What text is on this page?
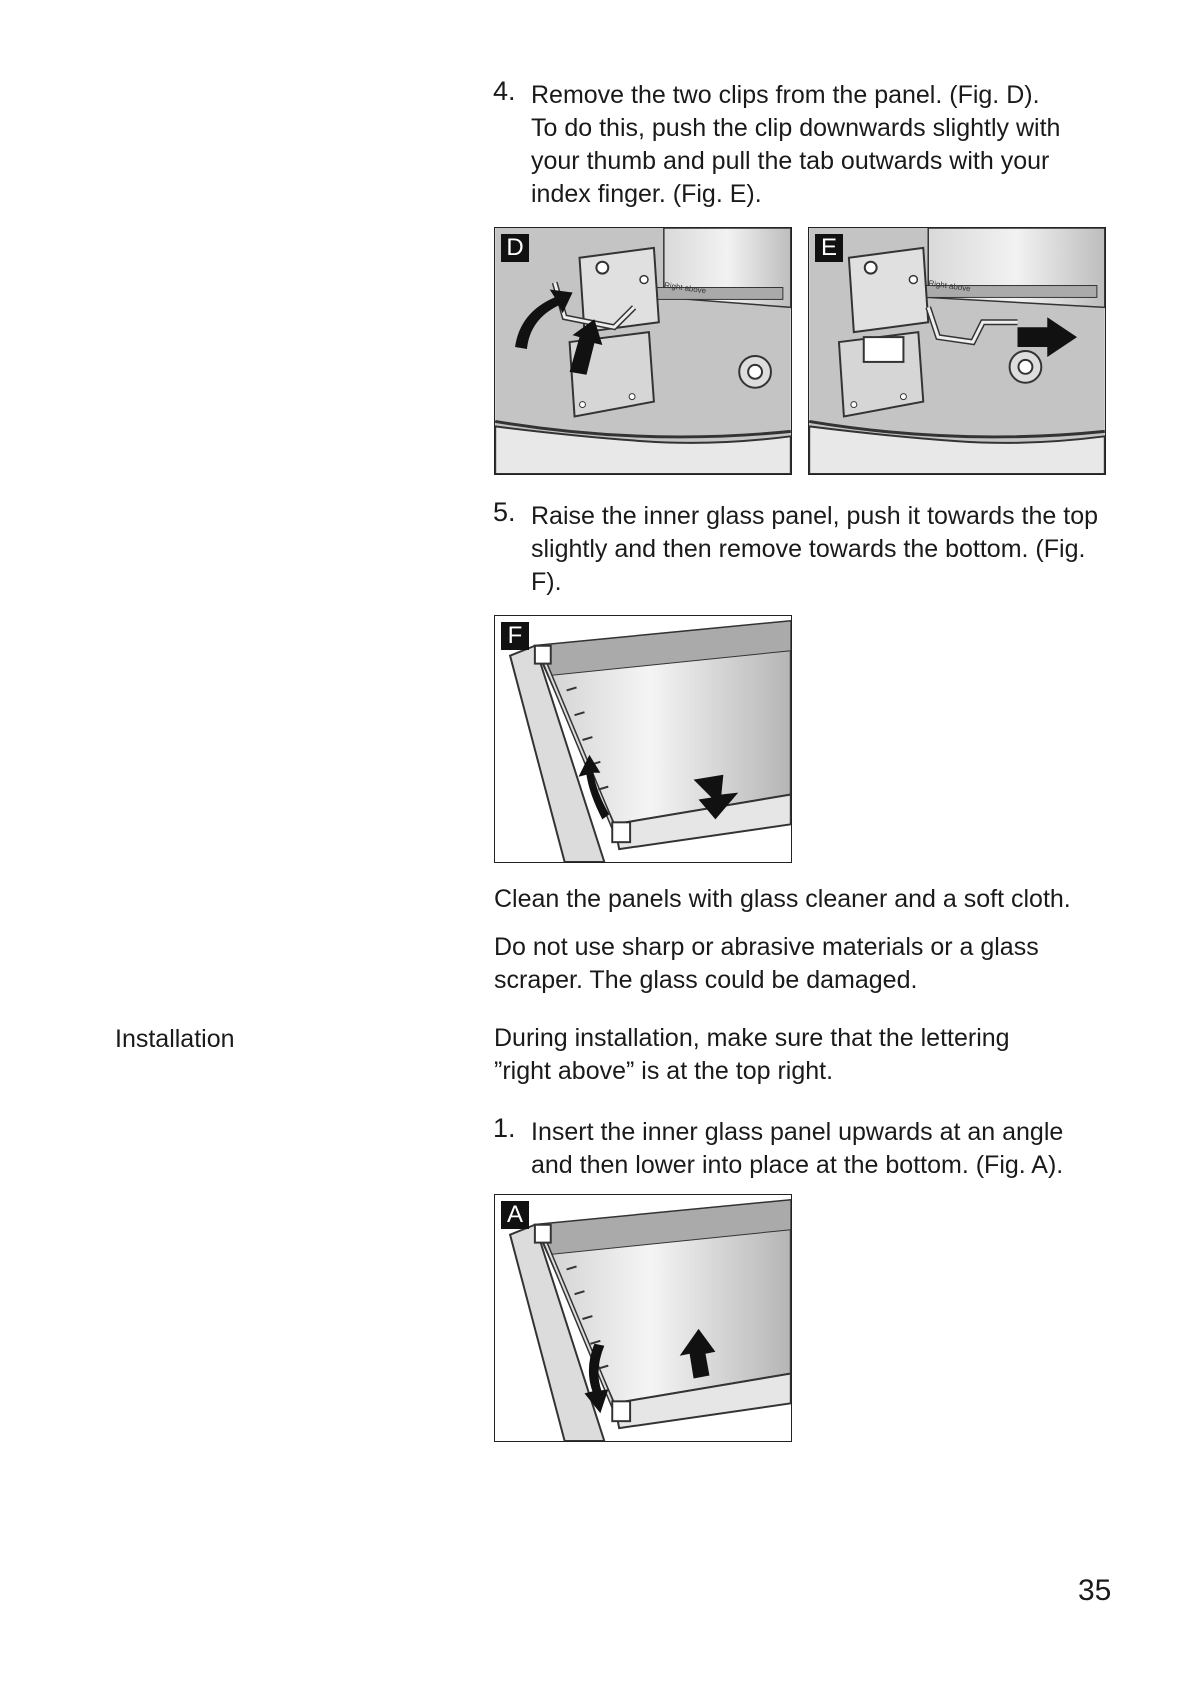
4. Remove the two clips from the panel. (Fig. D).
To do this, push the clip downwards slightly with your thumb and pull the tab outwards with your index finger. (Fig. E).
Right above
D
Right above
E
5. Raise the inner glass panel, push it towards the top slightly and then remove towards the bottom. (Fig. F).
F
Clean the panels with glass cleaner and a soft cloth.
Do not use sharp or abrasive materials or a glass scraper. The glass could be damaged.
Installation	During installation, make sure that the lettering ”right above” is at the top right.
1. Insert the inner glass panel upwards at an angle and then lower into place at the bottom. (Fig. A).
A
35
